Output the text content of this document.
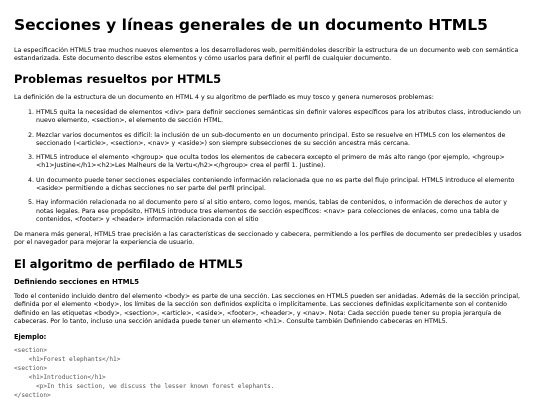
Secciones y líneas generales de un documento HTML5

La especificación HTML5 trae muchos nuevos elementos a los desarrolladores web, permitiéndoles describir la estructura de un documento web con semántica estandarizada. Este documento describe estos elementos y cómo usarlos para definir el perfil de cualquier documento.

Problemas resueltos por HTML5

La definición de la estructura de un documento en HTML 4 y su algoritmo de perfilado es muy tosco y genera numerosos problemas:

1. HTML5 quita la necesidad de elementos <div> para definir secciones semánticas sin definir valores específicos para los atributos class, introduciendo un nuevo elemento, <section>, el elemento de sección HTML.
2. Mezclar varios documentos es difícil: la inclusión de un sub-documento en un documento principal. Esto se resuelve en HTML5 con los elementos de seccionado (<article>, <section>, <nav> y <aside>) son siempre subsecciones de su sección ancestra más cercana.
3. HTML5 introduce el elemento <hgroup> que oculta todos los elementos de cabecera excepto el primero de más alto rango (por ejemplo, <hgroup><h1>Justine</h1><h2>Les Malheurs de la Vertu</h2></hgroup> crea el perfil 1. Justine).
4. Un documento puede tener secciones especiales conteniendo información relacionada que no es parte del flujo principal. HTML5 introduce el elemento <aside> permitiendo a dichas secciones no ser parte del perfil principal.
5. Hay información relacionada no al documento pero sí al sitio entero, como logos, menús, tablas de contenidos, o información de derechos de autor y notas legales. Para ese propósito, HTML5 introduce tres elementos de sección específicos: <nav> para colecciones de enlaces, como una tabla de contenidos, <footer> y <header> información relacionada con el sitio

De manera más general, HTML5 trae precisión a las características de seccionado y cabecera, permitiendo a los perfiles de documento ser predecibles y usados por el navegador para mejorar la experiencia de usuario.

El algoritmo de perfilado de HTML5
Definiendo secciones en HTML5

Todo el contenido incluido dentro del elemento <body> es parte de una sección. Las secciones en HTML5 pueden ser anidadas. Además de la sección principal, definida por el elemento <body>, los límites de la sección son definidos explícita o implícitamente. Las secciones definidas explícitamente son el contenido definido en las etiquetas <body>, <section>, <article>, <aside>, <footer>, <header>, y <nav>. Nota: Cada sección puede tener su propia jerarquía de cabeceras. Por lo tanto, incluso una sección anidada puede tener un elemento <h1>. Consulte también Definiendo cabeceras en HTML5.

Ejemplo:
<section>
<h1>Forest elephants</h1>
<section>
<h1>Introduction</h1>
<p>In this section, we discuss the lesser known forest elephants.
</section>
